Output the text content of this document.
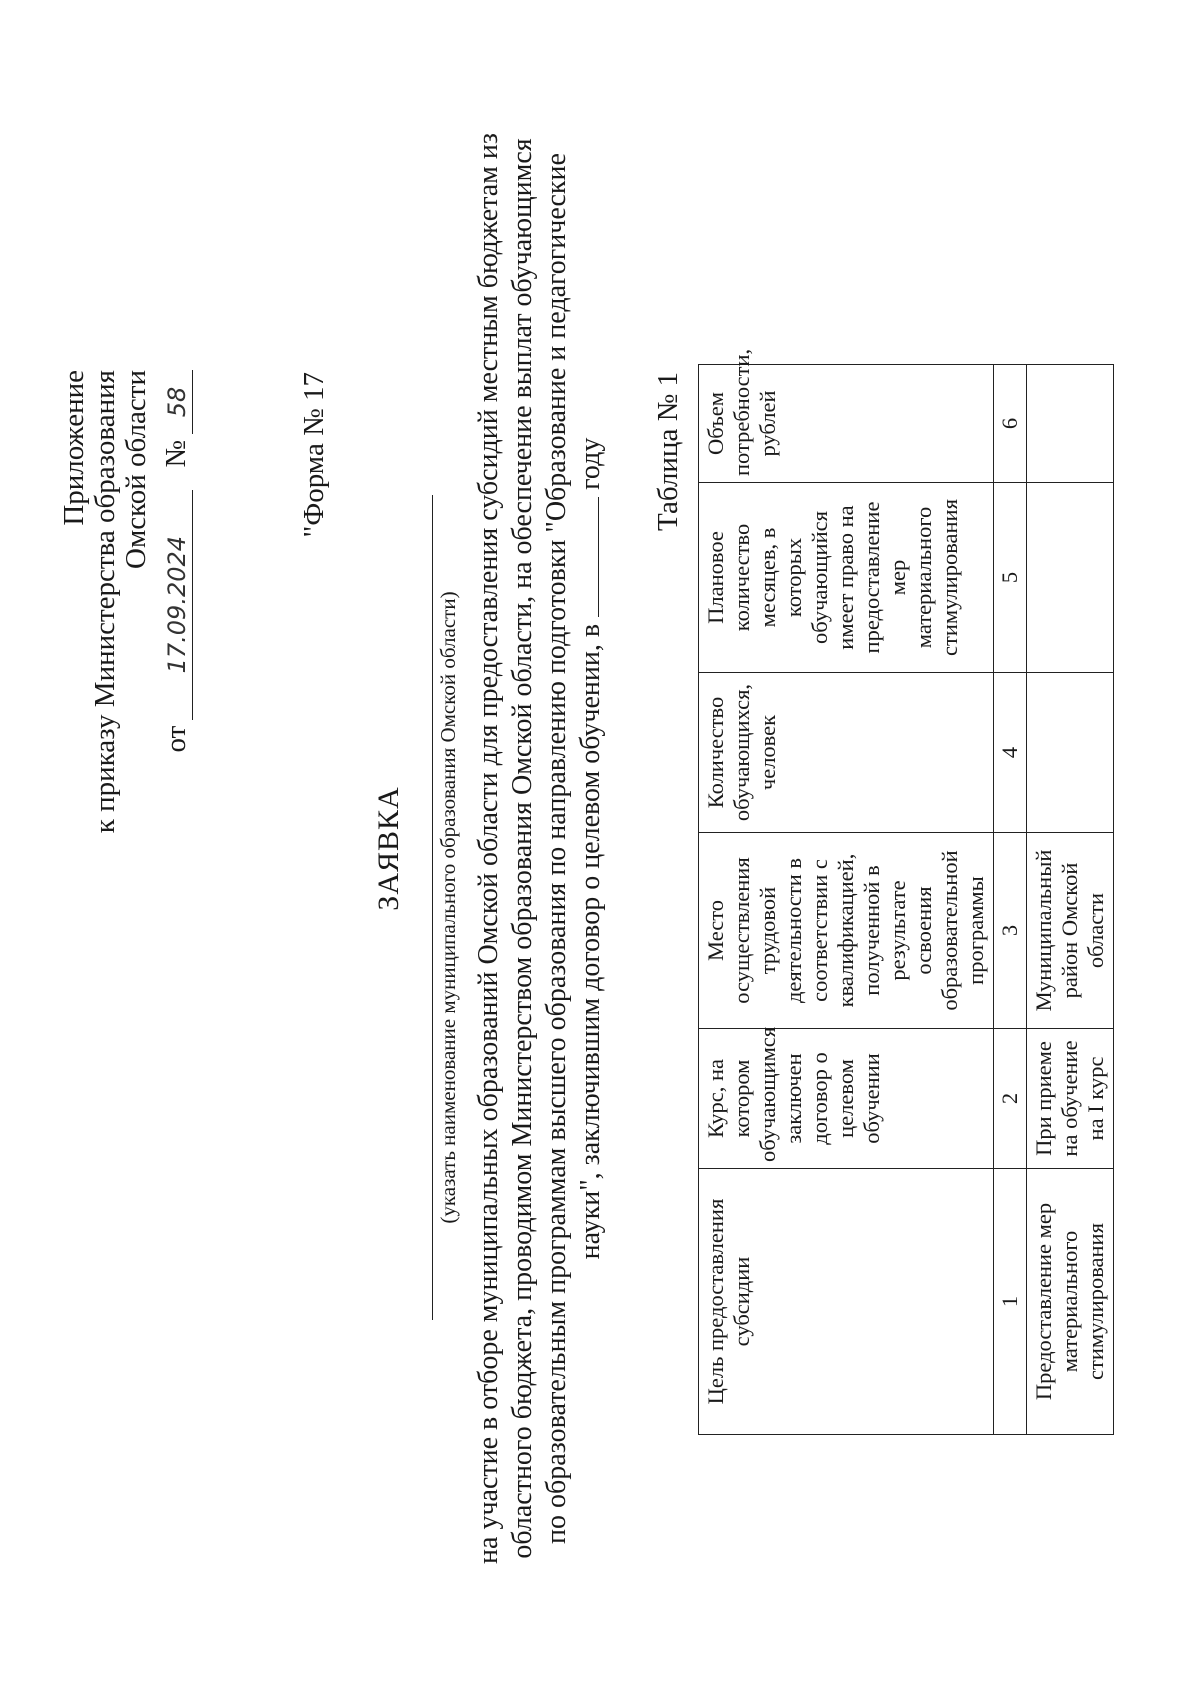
Приложение к приказу Министерства образования Омской области
от
17.09.2024
№
58	"Форма № 17
ЗАЯВКА (указать наименование муниципального образования Омской области) на участие в отборе муниципальных образований Омской области для предоставления субсидий местным бюджетам из областного бюджета, проводимом Министерством образования Омской области, на обеспечение выплат обучающимся по образовательным программам высшего образования по направлению подготовки "Образование и педагогические науки", заключившим договор о целевом обучении, в  году Таблица № 1
Цель предоставления субсидии	Курс, на котором обучающимся заключен договор о целевом обучении	Место осуществления трудовой деятельности в соответствии с квалификацией, полученной в результате освоения образовательной программы	Количество обучающихся, человек	Плановое количество месяцев, в которых обучающийся имеет право на предоставление мер материального стимулирования	Объем потребности, рублей
1	2	3	4	5	6
Предоставление мер материального стимулирования	При приеме на обучение на I курс	Муниципальный район Омской области			
